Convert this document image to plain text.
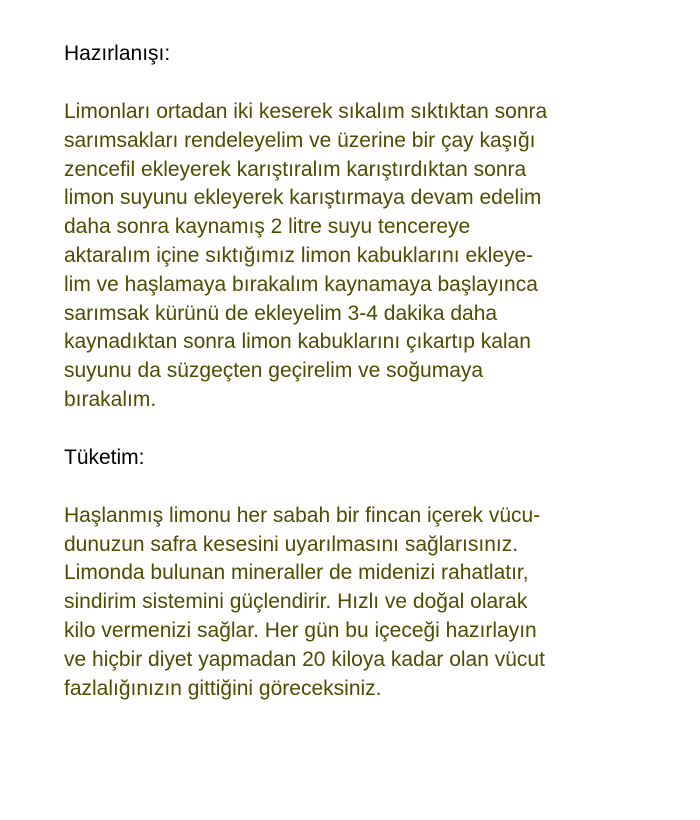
Hazırlanışı:

Limonları ortadan iki keserek sıkalım sıktıktan sonra
sarımsakları rendeleyelim ve üzerine bir çay kaşığı
zencefil ekleyerek karıştıralım karıştırdıktan sonra
limon suyunu ekleyerek karıştırmaya devam edelim
daha sonra kaynamış 2 litre suyu tencereye
aktaralım içine sıktığımız limon kabuklarını ekleye-
lim ve haşlamaya bırakalım kaynamaya başlayınca
sarımsak kürünü de ekleyelim 3-4 dakika daha
kaynadıktan sonra limon kabuklarını çıkartıp kalan
suyunu da süzgeçten geçirelim ve soğumaya
bırakalım.

Tüketim:

Haşlanmış limonu her sabah bir fincan içerek vücu-
dunuzun safra kesesini uyarılmasını sağlarısınız.
Limonda bulunan mineraller de midenizi rahatlatır,
sindirim sistemini güçlendirir. Hızlı ve doğal olarak
kilo vermenizi sağlar. Her gün bu içeceği hazırlayın
ve hiçbir diyet yapmadan 20 kiloya kadar olan vücut
fazlalığınızın gittiğini göreceksiniz.
